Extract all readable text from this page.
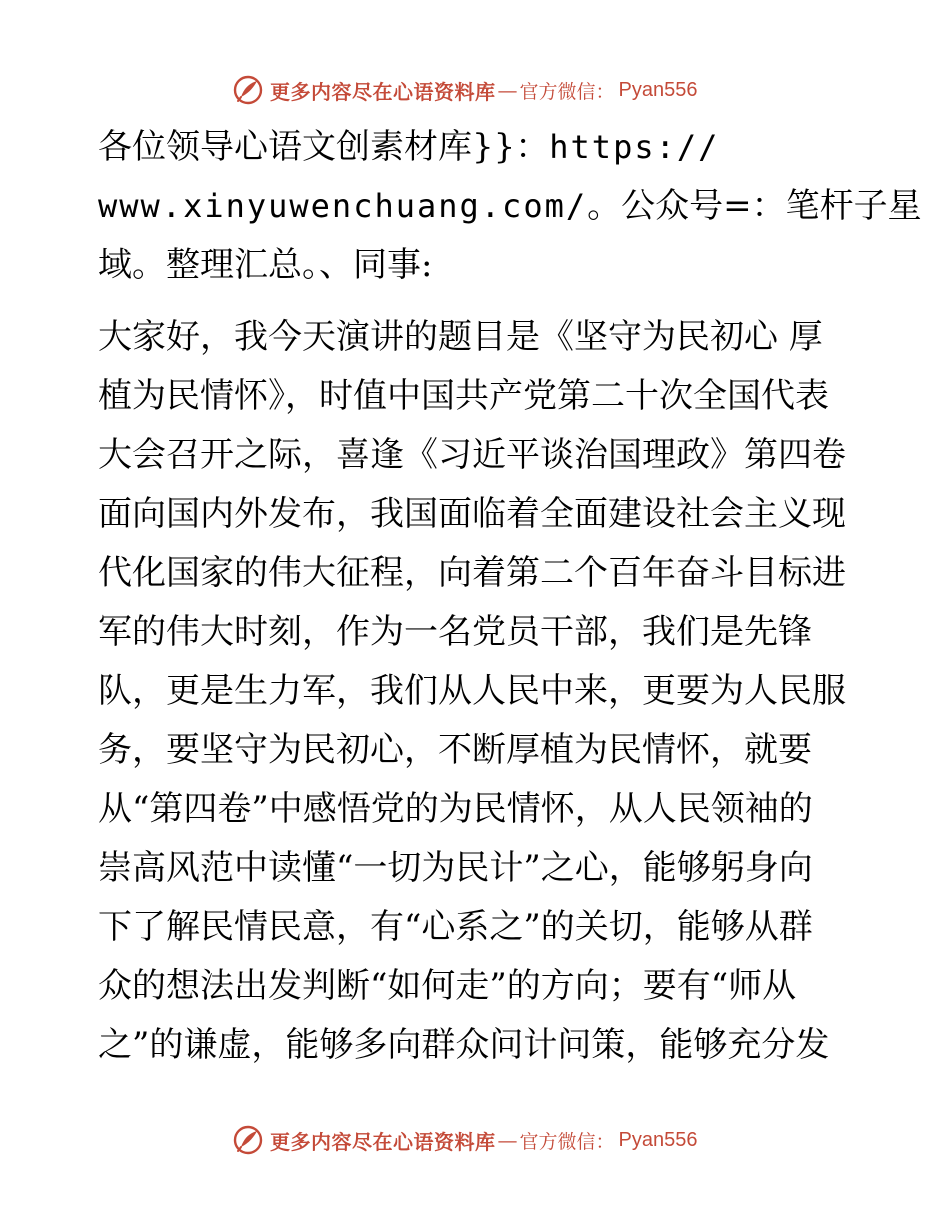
更多内容尽在心语资料库 — 官方微信： Pyan556
各位领导心语文创素材库}}：https://
www.xinyuwenchuang.com/。公众号=：笔杆子星
域。整理汇总。、同事:
大家好，我今天演讲的题目是《坚守为民初心 厚
植为民情怀》，时值中国共产党第二十次全国代表
大会召开之际，喜逢《习近平谈治国理政》第四卷
面向国内外发布，我国面临着全面建设社会主义现
代化国家的伟大征程，向着第二个百年奋斗目标进
军的伟大时刻，作为一名党员干部，我们是先锋
队，更是生力军，我们从人民中来，更要为人民服
务，要坚守为民初心，不断厚植为民情怀，就要
从“第四卷”中感悟党的为民情怀，从人民领袖的
崇高风范中读懂“一切为民计”之心，能够躬身向
下了解民情民意，有“心系之”的关切，能够从群
众的想法出发判断“如何走”的方向；要有“师从
之”的谦虚，能够多向群众问计问策，能够充分发
更多内容尽在心语资料库 — 官方微信： Pyan556
